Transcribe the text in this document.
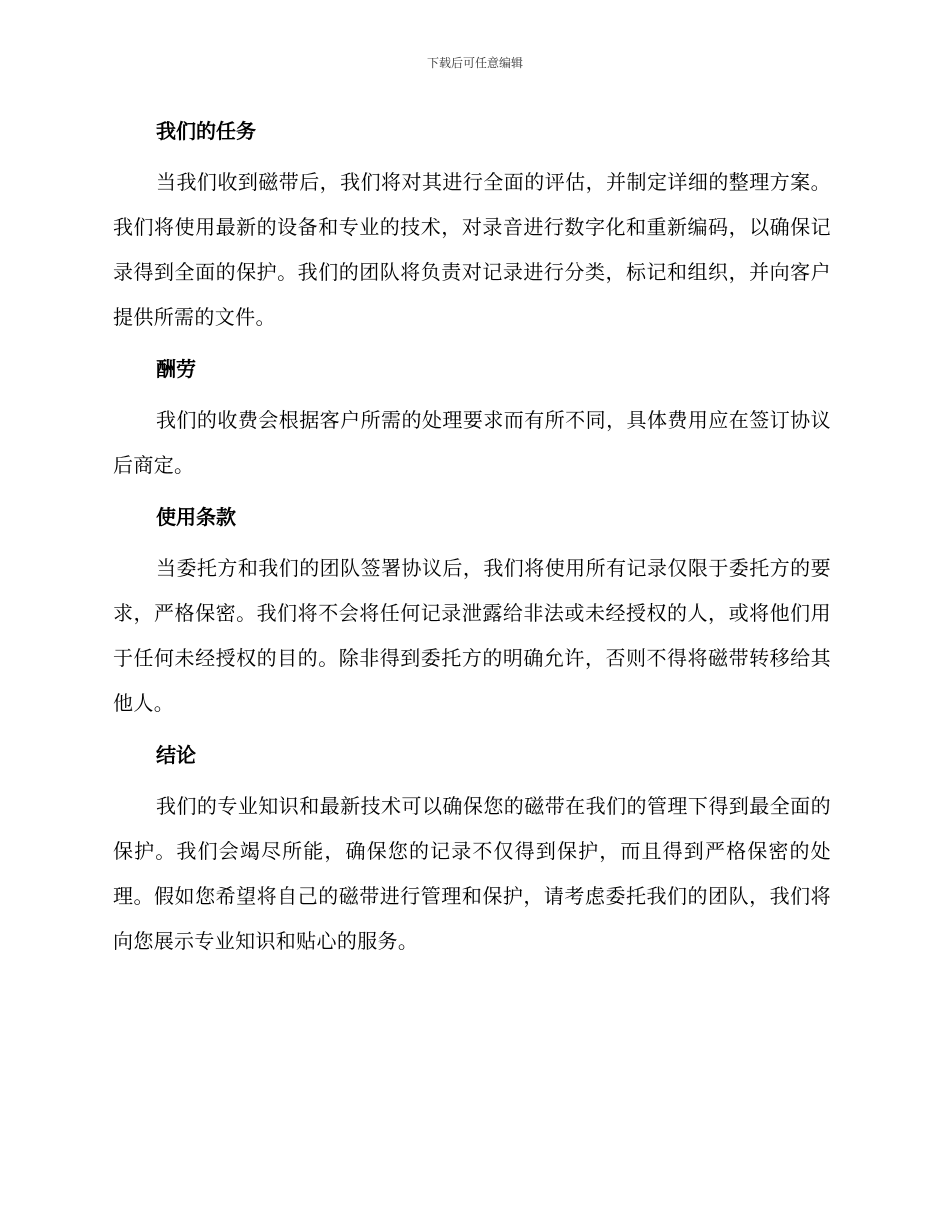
下载后可任意编辑
我们的任务

当我们收到磁带后，我们将对其进行全面的评估，并制定详细的整理方案。我们将使用最新的设备和专业的技术，对录音进行数字化和重新编码，以确保记录得到全面的保护。我们的团队将负责对记录进行分类，标记和组织，并向客户提供所需的文件。

酬劳

我们的收费会根据客户所需的处理要求而有所不同，具体费用应在签订协议后商定。

使用条款

当委托方和我们的团队签署协议后，我们将使用所有记录仅限于委托方的要求，严格保密。我们将不会将任何记录泄露给非法或未经授权的人，或将他们用于任何未经授权的目的。除非得到委托方的明确允许，否则不得将磁带转移给其他人。

结论

我们的专业知识和最新技术可以确保您的磁带在我们的管理下得到最全面的保护。我们会竭尽所能，确保您的记录不仅得到保护，而且得到严格保密的处理。假如您希望将自己的磁带进行管理和保护，请考虑委托我们的团队，我们将向您展示专业知识和贴心的服务。
